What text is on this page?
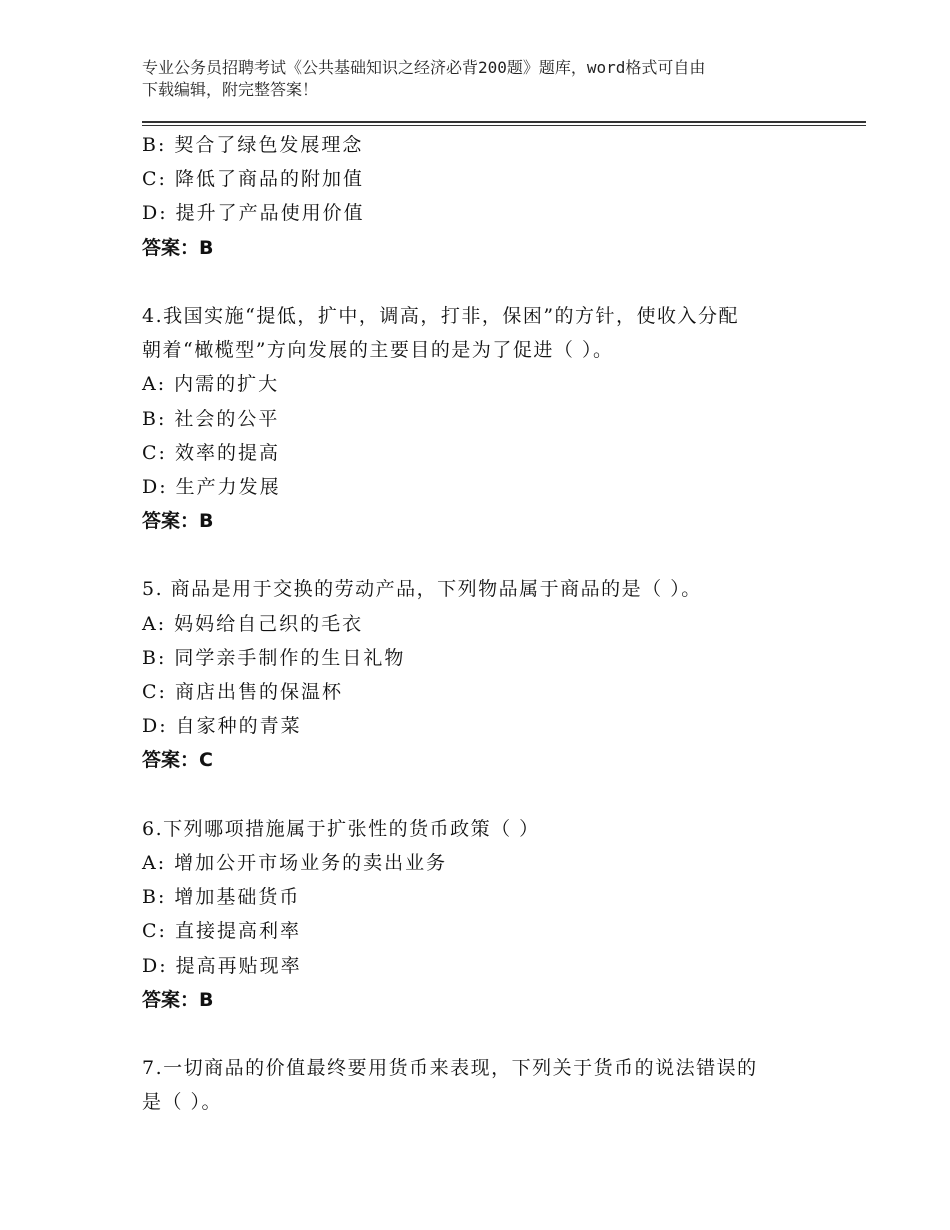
专业公务员招聘考试《公共基础知识之经济必背200题》题库，word格式可自由
下载编辑，附完整答案！
B: 契合了绿色发展理念
C: 降低了商品的附加值
D: 提升了产品使用价值
答案：B
4.我国实施“提低，扩中，调高，打非，保困”的方针，使收入分配
朝着“橄榄型”方向发展的主要目的是为了促进（ ）。
A: 内需的扩大
B: 社会的公平
C: 效率的提高
D: 生产力发展
答案：B
5. 商品是用于交换的劳动产品，下列物品属于商品的是（ ）。
A: 妈妈给自己织的毛衣
B: 同学亲手制作的生日礼物
C: 商店出售的保温杯
D: 自家种的青菜
答案：C
6.下列哪项措施属于扩张性的货币政策（ ）
A: 增加公开市场业务的卖出业务
B: 增加基础货币
C: 直接提高利率
D: 提高再贴现率
答案：B
7.一切商品的价值最终要用货币来表现，下列关于货币的说法错误的
是（ ）。
